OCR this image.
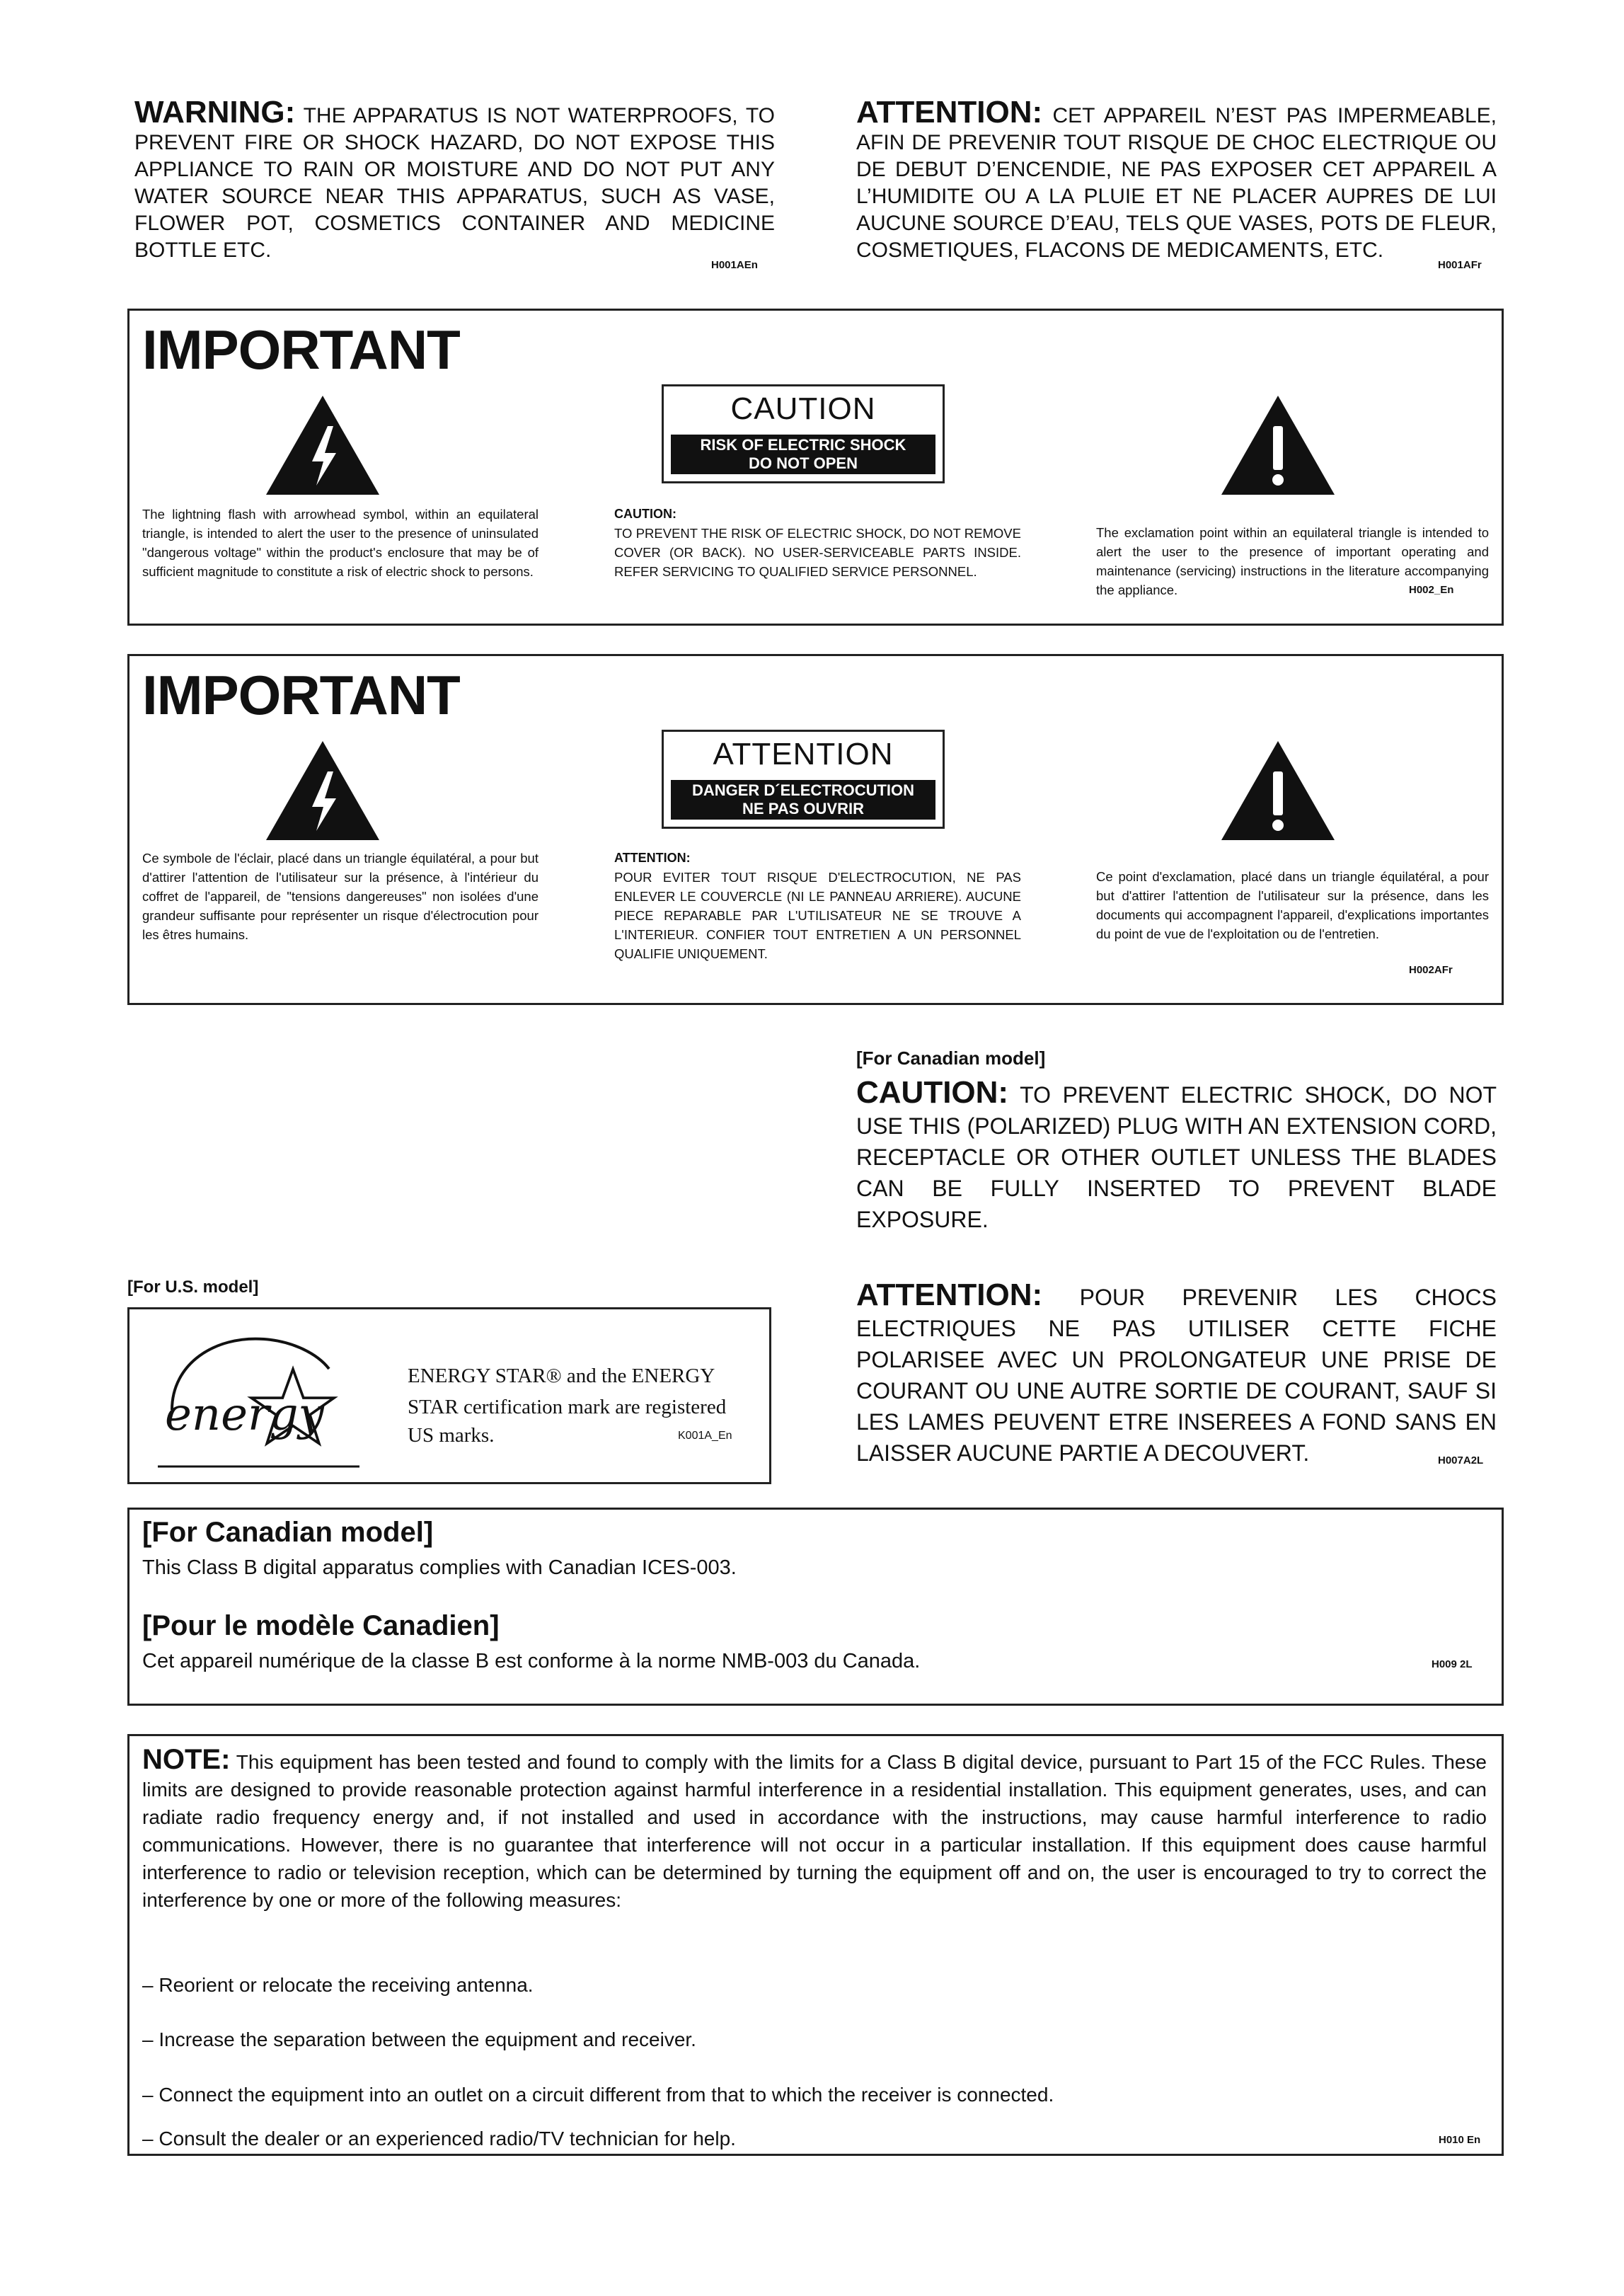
WARNING: THE APPARATUS IS NOT WATERPROOFS, TO PREVENT FIRE OR SHOCK HAZARD, DO NOT EXPOSE THIS APPLIANCE TO RAIN OR MOISTURE AND DO NOT PUT ANY WATER SOURCE NEAR THIS APPARATUS, SUCH AS VASE, FLOWER POT, COSMETICS CONTAINER AND MEDICINE BOTTLE ETC.
H001AEn
ATTENTION: CET APPAREIL N’EST PAS IMPERMEABLE, AFIN DE PREVENIR TOUT RISQUE DE CHOC ELECTRIQUE OU DE DEBUT D’ENCENDIE, NE PAS EXPOSER CET APPAREIL A L’HUMIDITE OU A LA PLUIE ET NE PLACER AUPRES DE LUI AUCUNE SOURCE D’EAU, TELS QUE VASES, POTS DE FLEUR, COSMETIQUES, FLACONS DE MEDICAMENTS, ETC.
H001AFr
IMPORTANT
CAUTION
RISK OF ELECTRIC SHOCK
DO NOT OPEN
The lightning flash with arrowhead symbol, within an equilateral triangle, is intended to alert the user to the presence of uninsulated "dangerous voltage" within the product's enclosure that may be of sufficient magnitude to constitute a risk of electric shock to persons.
CAUTION:
TO PREVENT THE RISK OF ELECTRIC SHOCK, DO NOT REMOVE COVER (OR BACK). NO USER-SERVICEABLE PARTS INSIDE. REFER SERVICING TO QUALIFIED SERVICE PERSONNEL.
The exclamation point within an equilateral triangle is intended to alert the user to the presence of important operating and maintenance (servicing) instructions in the literature accompanying the appliance.	H002_En
IMPORTANT
ATTENTION
DANGER D´ELECTROCUTION
NE PAS OUVRIR
Ce symbole de l'éclair, placé dans un triangle équilatéral, a pour but d'attirer l'attention de l'utilisateur sur la présence, à l'intérieur du coffret de l'appareil, de "tensions dangereuses" non isolées d'une grandeur suffisante pour représenter un risque d'électrocution pour les êtres humains.
ATTENTION:
POUR EVITER TOUT RISQUE D'ELECTROCUTION, NE PAS ENLEVER LE COUVERCLE (NI LE PANNEAU ARRIERE). AUCUNE PIECE REPARABLE PAR L'UTILISATEUR NE SE TROUVE A L'INTERIEUR. CONFIER TOUT ENTRETIEN A UN PERSONNEL QUALIFIE UNIQUEMENT.
Ce point d'exclamation, placé dans un triangle équilatéral, a pour but d'attirer l'attention de l'utilisateur sur la présence, dans les documents qui accompagnent l'appareil, d'explications importantes du point de vue de l'exploitation ou de l'entretien.
H002AFr
[For Canadian model]
CAUTION: TO PREVENT ELECTRIC SHOCK, DO NOT USE THIS (POLARIZED) PLUG WITH AN EXTENSION CORD, RECEPTACLE OR OTHER OUTLET UNLESS THE BLADES CAN BE FULLY INSERTED TO PREVENT BLADE EXPOSURE.
ATTENTION: POUR PREVENIR LES CHOCS ELECTRIQUES NE PAS UTILISER CETTE FICHE POLARISEE AVEC UN PROLONGATEUR UNE PRISE DE COURANT OU UNE AUTRE SORTIE DE COURANT, SAUF SI LES LAMES PEUVENT ETRE INSEREES A FOND SANS EN LAISSER AUCUNE PARTIE A DECOUVERT.	H007A2L
[For U.S. model]
energy
ENERGY STAR® and the ENERGY
STAR certification mark are registered
US marks.	K001A_En
[For Canadian model]
This Class B digital apparatus complies with Canadian ICES-003.
[Pour le modèle Canadien]
Cet appareil numérique de la classe B est conforme à la norme NMB-003 du Canada.	H009 2L
NOTE: This equipment has been tested and found to comply with the limits for a Class B digital device, pursuant to Part 15 of the FCC Rules. These limits are designed to provide reasonable protection against harmful interference in a residential installation. This equipment generates, uses, and can radiate radio frequency energy and, if not installed and used in accordance with the instructions, may cause harmful interference to radio communications. However, there is no guarantee that interference will not occur in a particular installation. If this equipment does cause harmful interference to radio or television reception, which can be determined by turning the equipment off and on, the user is encouraged to try to correct the interference by one or more of the following measures:
– Reorient or relocate the receiving antenna.
– Increase the separation between the equipment and receiver.
– Connect the equipment into an outlet on a circuit different from that to which the receiver is connected.
– Consult the dealer or an experienced radio/TV technician for help.	H010 En
